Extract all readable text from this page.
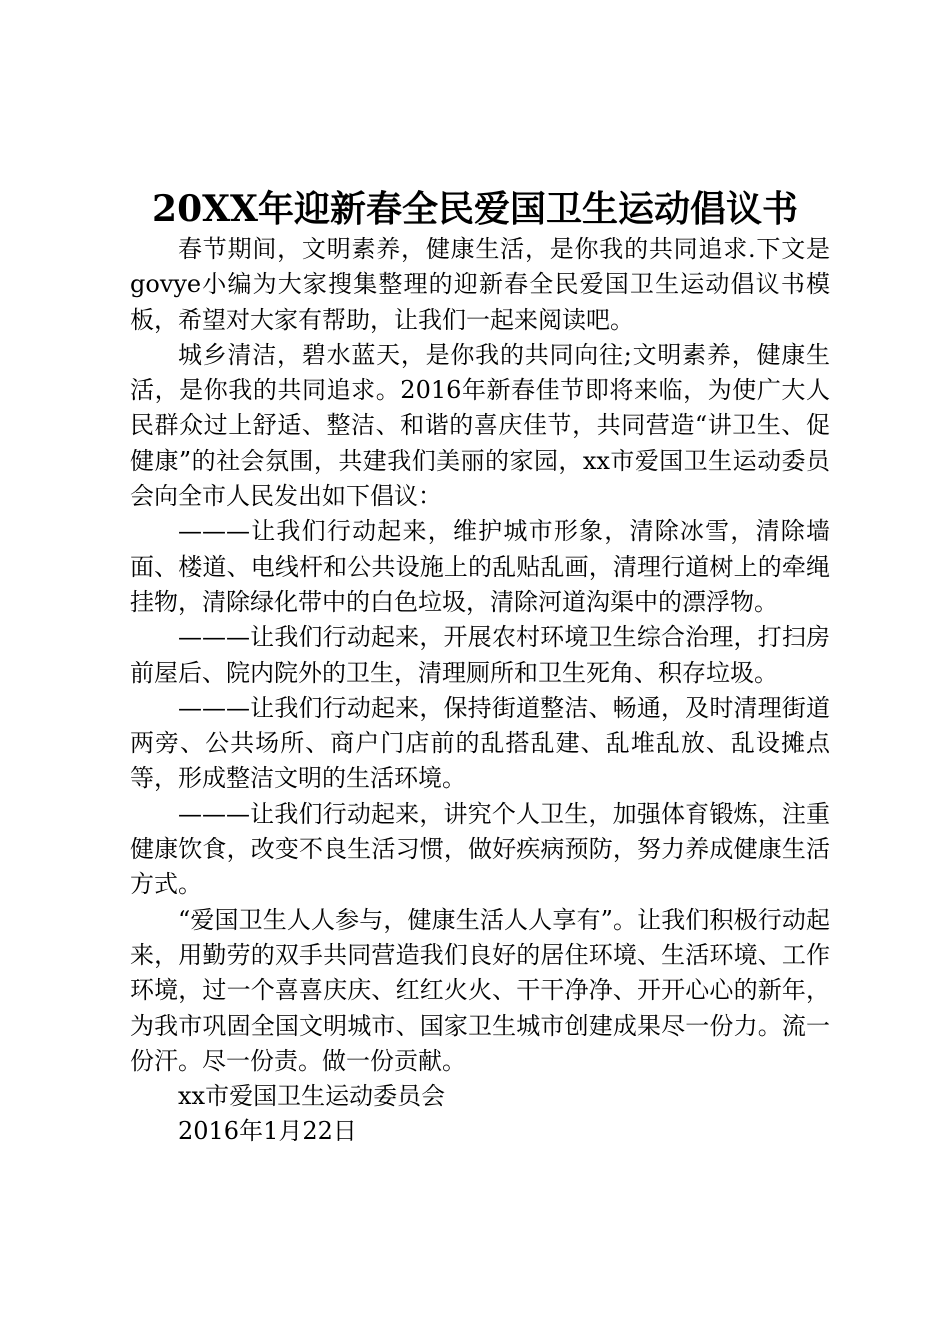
20XX年迎新春全民爱国卫生运动倡议书

春节期间，文明素养，健康生活，是你我的共同追求.下文是govye小编为大家搜集整理的迎新春全民爱国卫生运动倡议书模板，希望对大家有帮助，让我们一起来阅读吧。

城乡清洁，碧水蓝天，是你我的共同向往;文明素养，健康生活，是你我的共同追求。2016年新春佳节即将来临，为使广大人民群众过上舒适、整洁、和谐的喜庆佳节，共同营造“讲卫生、促健康”的社会氛围，共建我们美丽的家园，xx市爱国卫生运动委员会向全市人民发出如下倡议：

———让我们行动起来，维护城市形象，清除冰雪，清除墙面、楼道、电线杆和公共设施上的乱贴乱画，清理行道树上的牵绳挂物，清除绿化带中的白色垃圾，清除河道沟渠中的漂浮物。

———让我们行动起来，开展农村环境卫生综合治理，打扫房前屋后、院内院外的卫生，清理厕所和卫生死角、积存垃圾。

———让我们行动起来，保持街道整洁、畅通，及时清理街道两旁、公共场所、商户门店前的乱搭乱建、乱堆乱放、乱设摊点等，形成整洁文明的生活环境。

———让我们行动起来，讲究个人卫生，加强体育锻炼，注重健康饮食，改变不良生活习惯，做好疾病预防，努力养成健康生活方式。

“爱国卫生人人参与，健康生活人人享有”。让我们积极行动起来，用勤劳的双手共同营造我们良好的居住环境、生活环境、工作环境，过一个喜喜庆庆、红红火火、干干净净、开开心心的新年，为我市巩固全国文明城市、国家卫生城市创建成果尽一份力。流一份汗。尽一份责。做一份贡献。

xx市爱国卫生运动委员会

2016年1月22日
